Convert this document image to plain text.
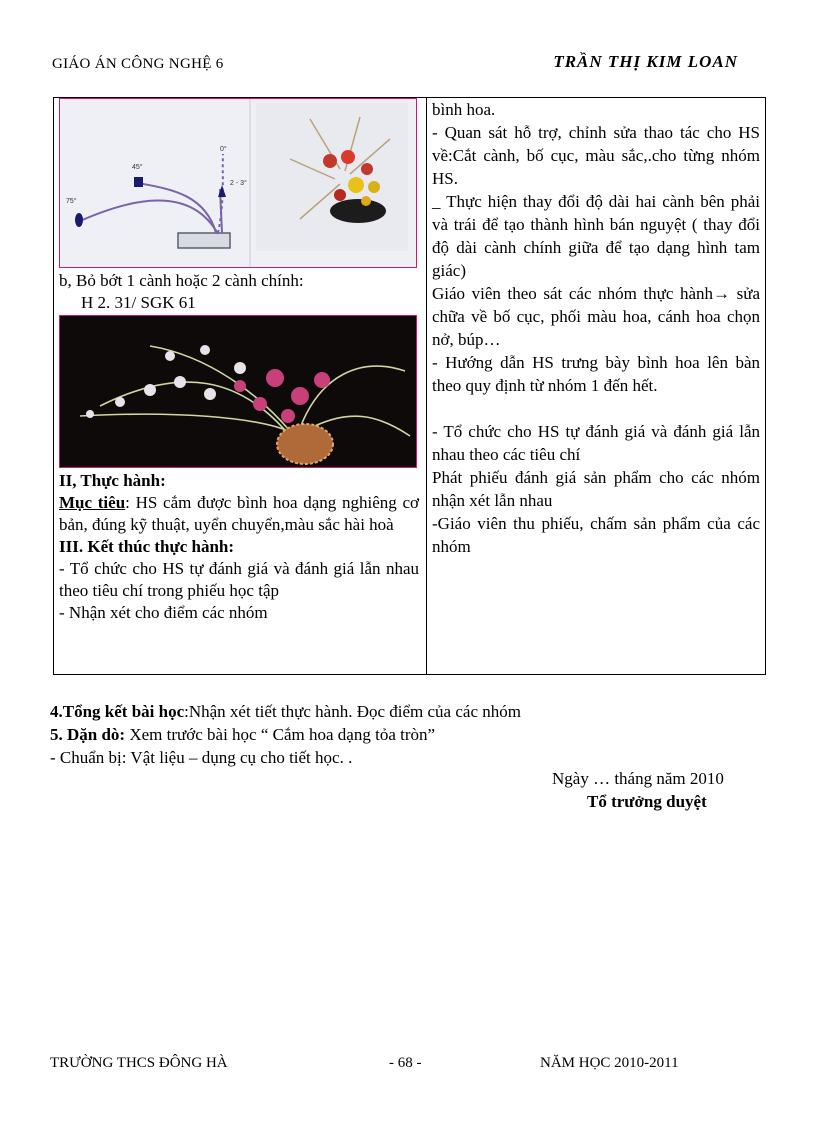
GIÁO ÁN CÔNG NGHỆ 6	TRẦN THỊ KIM LOAN
75°
45°
0°
2 - 3°
b, Bỏ bớt 1 cành hoặc 2 cành chính:
H 2. 31/ SGK 61

II, Thực hành:

Mục tiêu: HS cắm được bình hoa dạng nghiêng cơ bản, đúng kỹ thuật, uyển chuyển,màu sắc hài hoà

III. Kết thúc thực hành:

- Tổ chức cho HS tự đánh giá và đánh giá lẫn nhau theo tiêu chí trong phiếu học tập

- Nhận xét cho điểm các nhóm

bình hoa.

- Quan sát hỗ trợ, chỉnh sửa thao tác cho HS về:Cắt cành, bố cục, màu sắc,.cho từng nhóm HS.

_ Thực hiện thay đổi độ dài hai cành bên phải và trái để tạo thành hình bán nguyệt ( thay đổi độ dài cành chính giữa để tạo dạng hình tam giác)

Giáo viên theo sát các nhóm thực hành→ sửa chữa về bố cục, phối màu hoa, cánh hoa chọn nở, búp…

- Hướng dẫn HS trưng bày bình hoa lên bàn theo quy định từ nhóm 1 đến hết.

- Tổ chức cho HS tự đánh giá và đánh giá lẫn nhau theo các tiêu chí

Phát phiếu đánh giá sản phẩm cho các nhóm nhận xét lẫn nhau

-Giáo viên thu phiếu, chấm sản phẩm của các nhóm

4.Tổng kết bài học:Nhận xét tiết thực hành. Đọc điểm của các nhóm

5. Dặn dò: Xem trước bài học “ Cắm hoa dạng tỏa tròn”

- Chuẩn bị: Vật liệu – dụng cụ cho tiết học. .

Ngày … tháng năm 2010
Tổ trưởng duyệt
TRƯỜNG THCS ĐÔNG HÀ	- 68 -	NĂM HỌC 2010-2011
